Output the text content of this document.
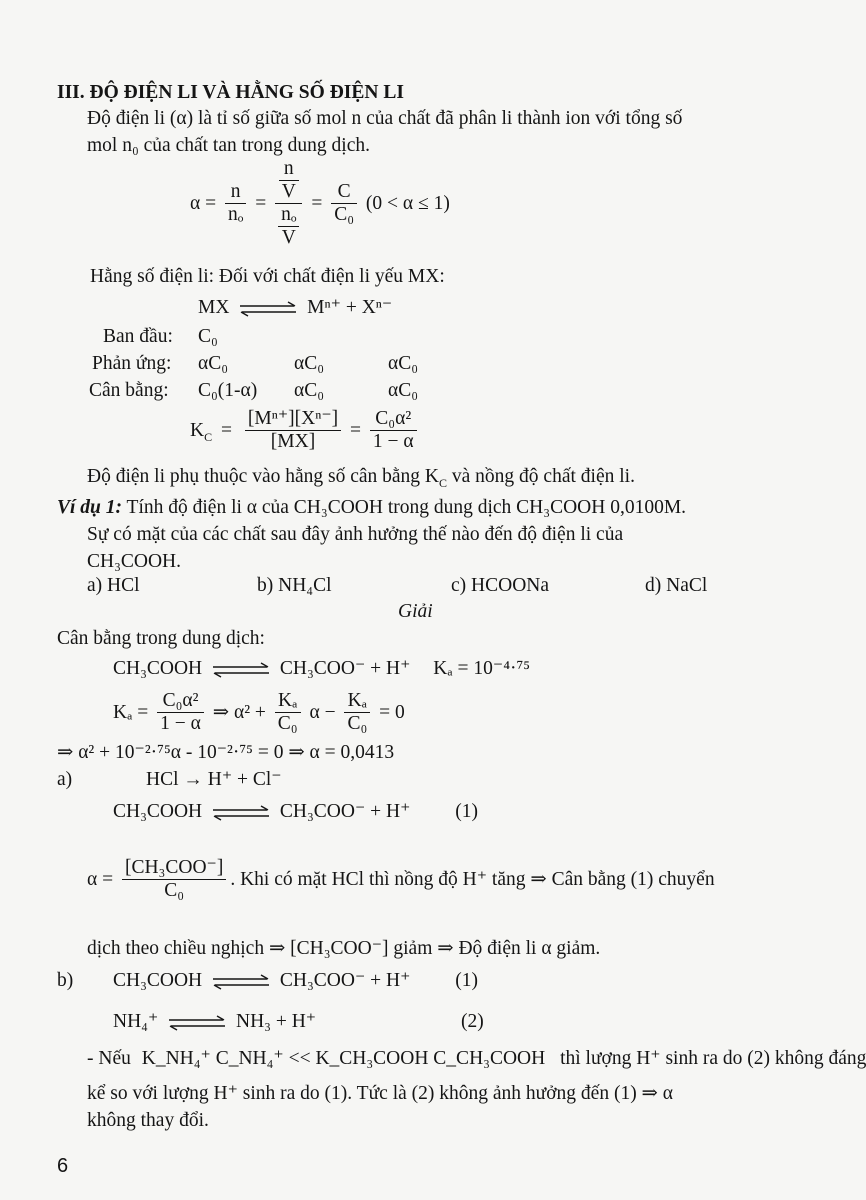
III. ĐỘ ĐIỆN LI VÀ HẰNG SỐ ĐIỆN LI
Độ điện li (α) là tỉ số giữa số mol n của chất đã phân li thành ion với tổng số
mol n₀ của chất tan trong dung dịch.
$\alpha = \frac{n}{\text{nₒ}} = \frac{\frac{n}{V}}{\frac{\text{nₒ}}{V}} = \frac{C}{\text{C₀}} (0 < \alpha \le 1)$
Hằng số điện li: Đối với chất điện li yếu MX:
MX ⇌ Mⁿ⁺ + Xⁿ⁻
Ban đầu: C₀
Phản ứng: αC₀	αC₀	αC₀
Cân bằng: C₀(1-α) αC₀	αC₀
$K_C = \frac{\text{[Mⁿ⁺][Xⁿ⁻]}}{[MX]} = \frac{\text{C₀α²}}{1 - \alpha}$
Độ điện li phụ thuộc vào hằng số cân bằng $K_C$ và nồng độ chất điện li.
Ví dụ 1: Tính độ điện li α của CH₃COOH trong dung dịch CH₃COOH 0,0100M.
Sự có mặt của các chất sau đây ảnh hưởng thế nào đến độ điện li của
CH₃COOH.
a) HCl	b) NH₄Cl	c) HCOONa	d) NaCl
Giải
Cân bằng trong dung dịch:
CH₃COOH ⇌ CH₃COO⁻ + H⁺ Kₐ = 10⁻⁴·⁷⁵
$K_a = \frac{\text{C₀α²}}{1 - \alpha}$ ⇒ $\alpha^2 + \frac{\text{Kₐ}}{\text{C₀}}$ $\alpha - \frac{\text{Kₐ}}{\text{C₀}} = 0$
⇒ α² + 10⁻²·⁷⁵α - 10⁻²·⁷⁵ = 0 ⇒ α = 0,0413
a)	HCl → H⁺ + Cl⁻
CH₃COOH ⇌ CH₃COO⁻ + H⁺ (1)
$\alpha = \frac{\text{[CH₃COO⁻]}}{\text{C₀}}$ . Khi có mặt HCl thì nồng độ H⁺ tăng ⇒ Cân bằng (1) chuyển
dịch theo chiều nghịch ⇒ [CH₃COO⁻] giảm ⇒ Độ điện li α giảm.
b) CH₃COOH ⇌ CH₃COO⁻ + H⁺ (1)
NH₄⁺ ⇌ NH₃ + H⁺	(2)
- Nếu K_NH₄⁺ C_NH₄⁺ << K_CH₃COOH C_CH₃COOH thì lượng H⁺ sinh ra do (2) không đáng
kể so với lượng H⁺ sinh ra do (1). Tức là (2) không ảnh hưởng đến (1) ⇒ α
không thay đổi.
6
